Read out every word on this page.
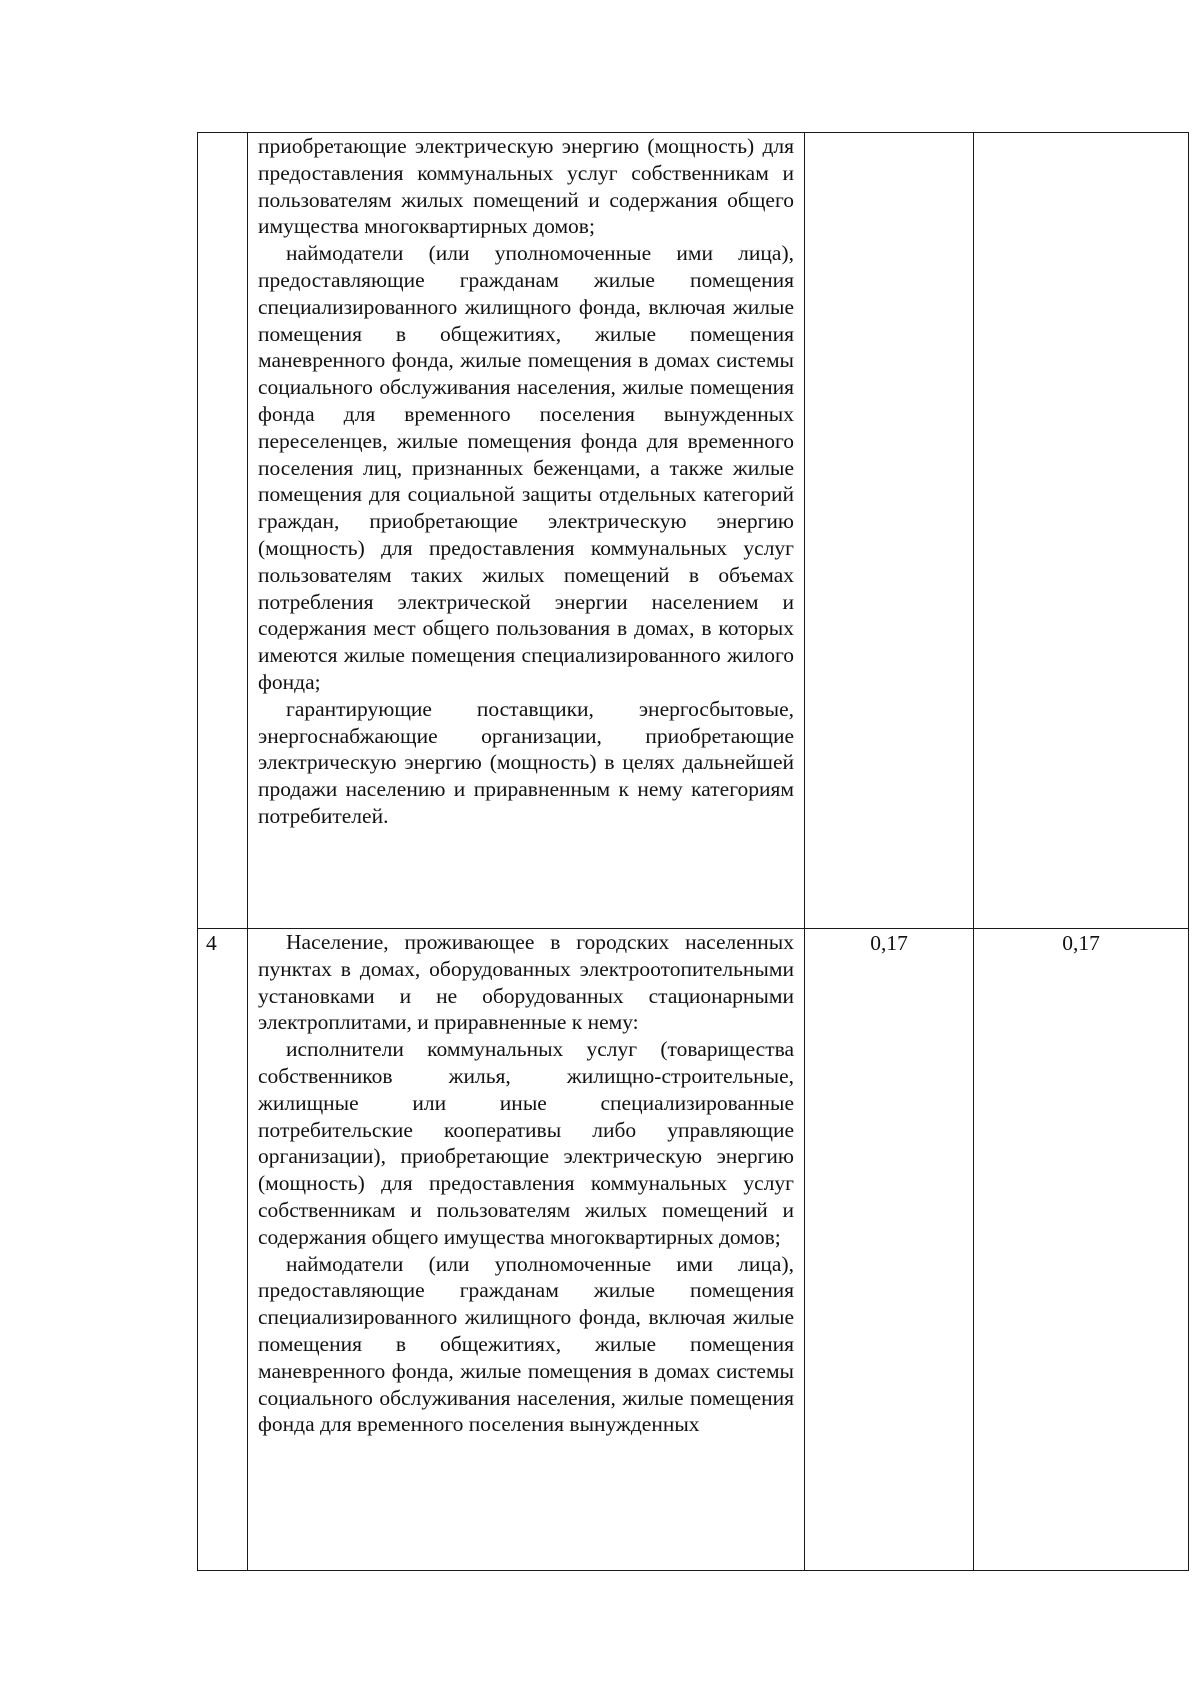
	приобретающие электрическую энергию (мощность) для предоставления коммунальных услуг собственникам и пользователям жилых помещений и содержания общего имущества многоквартирных домов;

наймодатели (или уполномоченные ими лица), предоставляющие гражданам жилые помещения специализированного жилищного фонда, включая жилые помещения в общежитиях, жилые помещения маневренного фонда, жилые помещения в домах системы социального обслуживания населения, жилые помещения фонда для временного поселения вынужденных переселенцев, жилые помещения фонда для временного поселения лиц, признанных беженцами, а также жилые помещения для социальной защиты отдельных категорий граждан, приобретающие электрическую энергию (мощность) для предоставления коммунальных услуг пользователям таких жилых помещений в объемах потребления электрической энергии населением и содержания мест общего пользования в домах, в которых имеются жилые помещения специализированного жилого фонда;

гарантирующие поставщики, энергосбытовые, энергоснабжающие организации, приобретающие электрическую энергию (мощность) в целях дальнейшей продажи населению и приравненным к нему категориям потребителей.		

4	Население, проживающее в городских населенных пунктах в домах, оборудованных электроотопительными установками и не оборудованных стационарными электроплитами, и приравненные к нему:

исполнители коммунальных услуг (товарищества собственников жилья, жилищно-строительные, жилищные или иные специализированные потребительские кооперативы либо управляющие организации), приобретающие электрическую энергию (мощность) для предоставления коммунальных услуг собственникам и пользователям жилых помещений и содержания общего имущества многоквартирных домов;

наймодатели (или уполномоченные ими лица), предоставляющие гражданам жилые помещения специализированного жилищного фонда, включая жилые помещения в общежитиях, жилые помещения маневренного фонда, жилые помещения в домах системы социального обслуживания населения, жилые помещения фонда для временного поселения вынужденных	0,17	0,17
